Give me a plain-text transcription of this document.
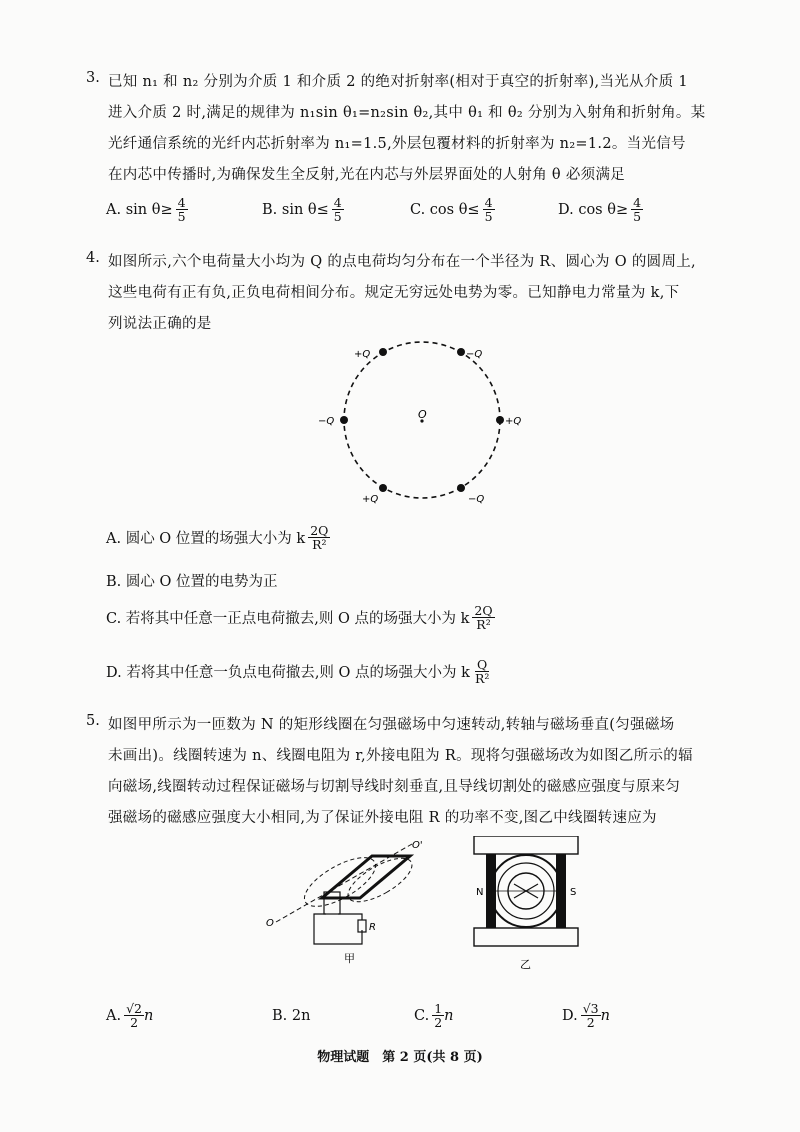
3. 已知 n₁ 和 n₂ 分别为介质 1 和介质 2 的绝对折射率(相对于真空的折射率),当光从介质 1
进入介质 2 时,满足的规律为 n₁sin θ₁=n₂sin θ₂,其中 θ₁ 和 θ₂ 分别为入射角和折射角。某
光纤通信系统的光纤内芯折射率为 n₁=1.5,外层包覆材料的折射率为 n₂=1.2。当光信号
在内芯中传播时,为确保发生全反射,光在内芯与外层界面处的人射角 θ 必须满足
A. $\sin \theta\ge \frac{4}{5}$	B. $\sin \theta\le \frac{4}{5}$	C. $\cos \theta\le \frac{4}{5}$	D. $\cos \theta\ge \frac{4}{5}$
4. 如图所示,六个电荷量大小均为 Q 的点电荷均匀分布在一个半径为 R、圆心为 O 的圆周上,
这些电荷有正有负,正负电荷相间分布。规定无穷远处电势为零。已知静电力常量为 k,下
列说法正确的是
O
+Q	−Q
−Q	+Q
+Q	−Q
A. 圆心 O 位置的场强大小为 k $\frac{2Q}{\text{R²}}$
B. 圆心 O 位置的电势为正
C. 若将其中任意一正点电荷撤去,则 O 点的场强大小为 k $\frac{2Q}{\text{R²}}$
D. 若将其中任意一负点电荷撤去,则 O 点的场强大小为 k $\frac{Q}{\text{R²}}$
5. 如图甲所示为一匝数为 N 的矩形线圈在匀强磁场中匀速转动,转轴与磁场垂直(匀强磁场
未画出)。线圈转速为 n、线圈电阻为 r,外接电阻为 R。现将匀强磁场改为如图乙所示的辐
向磁场,线圈转动过程保证磁场与切割导线时刻垂直,且导线切割处的磁感应强度与原来匀
强磁场的磁感应强度大小相同,为了保证外接电阻 R 的功率不变,图乙中线圈转速应为
R
O
O'
甲
N	S
乙
A. $\frac{√2}{2}$ n	B. 2n	C. $\frac{1}{2}$ n	D. $\frac{√3}{2}$ n
物理试题　第 2 页(共 8 页)
